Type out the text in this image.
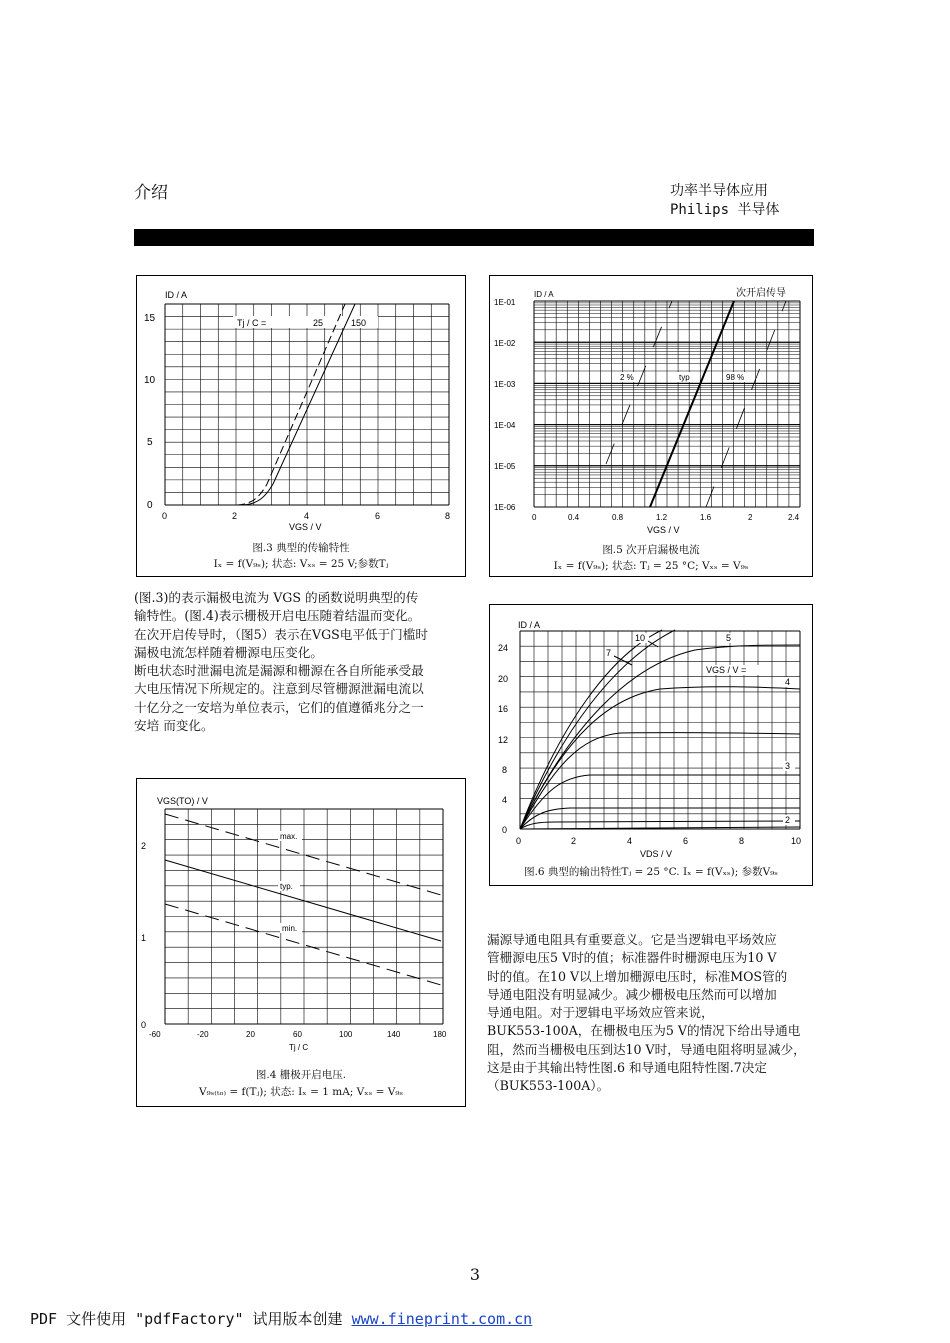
介绍	功率半导体应用
Philips 半导体
ID / A
VGS / V
15
10
5
0
0	2	4	6	8
Tj / C =	25	150
图.3 典型的传输特性
Iₓ = f(V₉ₛ); 状态: Vₓₛ = 25 V;参数Tⱼ
ID / A	次开启传导
VGS / V
1E-01
1E-02
1E-03
1E-04
1E-05
1E-06
0	0.4	0.8	1.2	1.6	2	2.4
2 %	typ	98 %
图.5 次开启漏极电流
Iₓ = f(V₉ₛ); 状态: Tⱼ = 25 °C; Vₓₛ = V₉ₛ

(图.3)的表示漏极电流为 VGS 的函数说明典型的传

输特性。(图.4)表示栅极开启电压随着结温而变化。

在次开启传导时，（图5）表示在VGS电平低于门槛时

漏极电流怎样随着栅源电压变化。

断电状态时泄漏电流是漏源和栅源在各自所能承受最

大电压情况下所规定的。注意到尽管栅源泄漏电流以

十亿分之一安培为单位表示，它们的值遵循兆分之一

安培 而变化。

ID / A
VDS / V
24
20
16
12
8
4
0
0	2	4	6	8	10
10
7
5
VGS / V =
4
3
2
图.6 典型的输出特性Tⱼ = 25 °C. Iₓ = f(Vₓₛ); 参数V₉ₛ
VGS(TO) / V
Tj / C
2
1
0
-60	-20	20	60	100	140	180
max.
typ.
min.
图.4 栅极开启电压.
V₉ₛ₍ₜₒ₎ = f(Tⱼ); 状态: Iₓ = 1 mA; Vₓₛ = V₉ₛ

漏源导通电阻具有重要意义。它是当逻辑电平场效应

管栅源电压5 V时的值；标准器件时栅源电压为10 V

时的值。在10 V以上增加栅源电压时，标准MOS管的

导通电阻没有明显减少。减少栅极电压然而可以增加

导通电阻。对于逻辑电平场效应管来说，

BUK553-100A，在栅极电压为5 V的情况下给出导通电

阻，然而当栅极电压到达10 V时，导通电阻将明显减少，

这是由于其输出特性图.6 和导通电阻特性图.7决定

（BUK553-100A）。

3
PDF 文件使用 "pdfFactory" 试用版本创建 www.fineprint.com.cn
